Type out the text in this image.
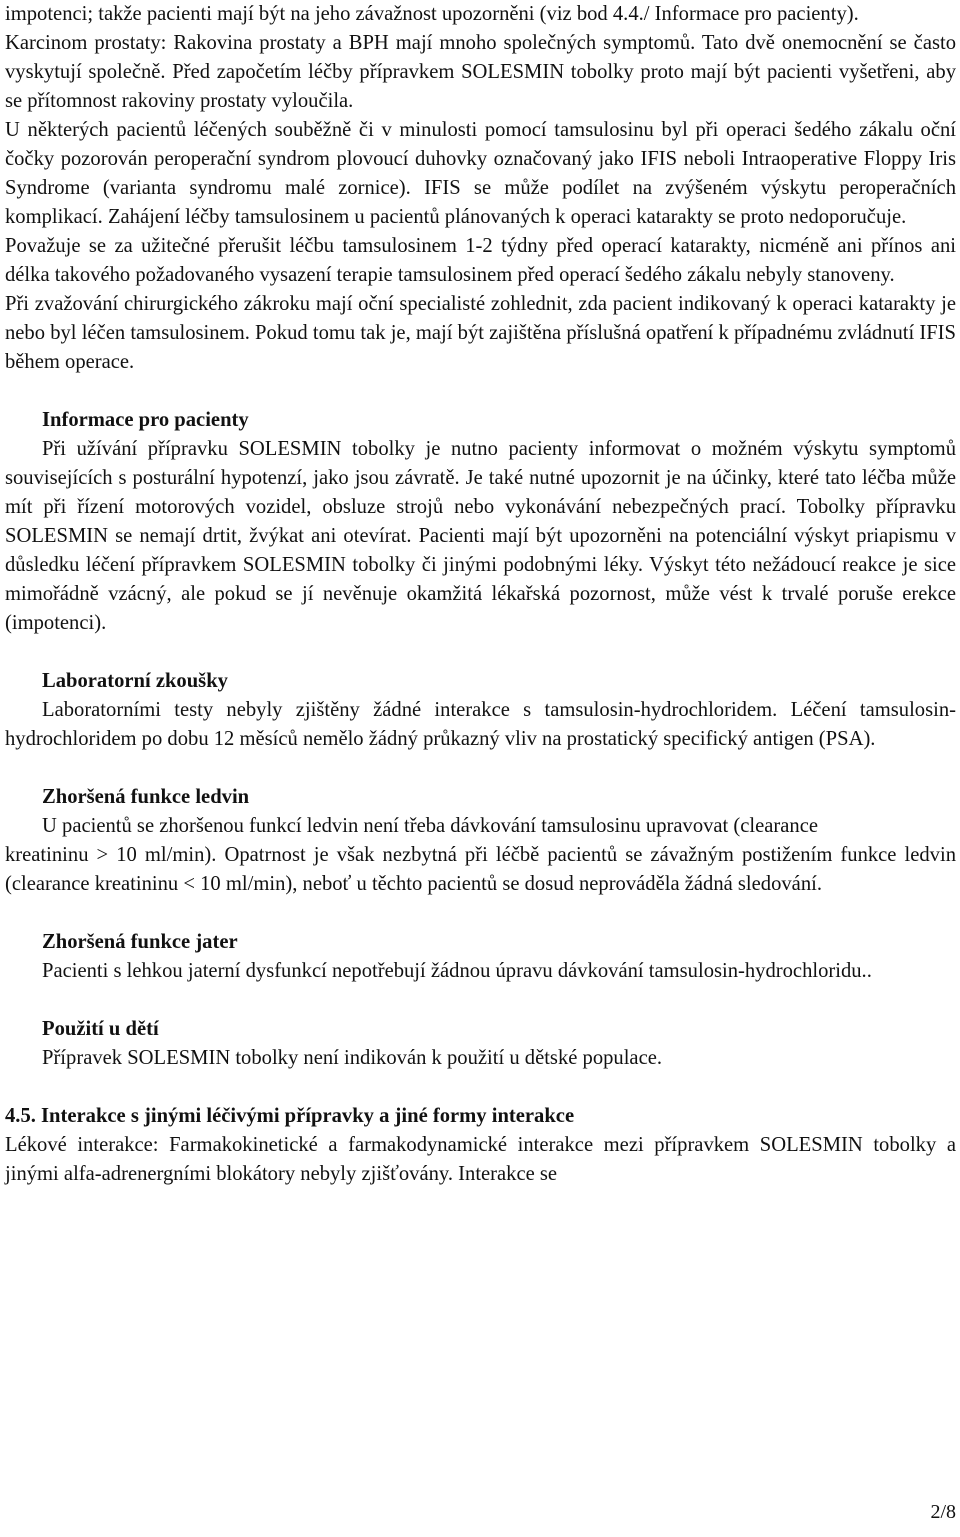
impotenci; takže pacienti mají být na jeho závažnost upozorněni (viz bod 4.4./ Informace pro pacienty).

Karcinom prostaty: Rakovina prostaty a BPH mají mnoho společných symptomů. Tato dvě onemocnění se často vyskytují společně. Před započetím léčby přípravkem SOLESMIN tobolky proto mají být pacienti vyšetřeni, aby se přítomnost rakoviny prostaty vyloučila.

U některých pacientů léčených souběžně či v minulosti pomocí tamsulosinu byl při operaci šedého zákalu oční čočky pozorován peroperační syndrom plovoucí duhovky označovaný jako IFIS neboli Intraoperative Floppy Iris Syndrome (varianta syndromu malé zornice). IFIS se může podílet na zvýšeném výskytu peroperačních komplikací. Zahájení léčby tamsulosinem u pacientů plánovaných k operaci katarakty se proto nedoporučuje.

Považuje se za užitečné přerušit léčbu tamsulosinem 1-2 týdny před operací katarakty, nicméně ani přínos ani délka takového požadovaného vysazení terapie tamsulosinem před operací šedého zákalu nebyly stanoveny.

Při zvažování chirurgického zákroku mají oční specialisté zohlednit, zda pacient indikovaný k operaci katarakty je nebo byl léčen tamsulosinem. Pokud tomu tak je, mají být zajištěna příslušná opatření k případnému zvládnutí IFIS během operace.

Informace pro pacienty

Při užívání přípravku SOLESMIN tobolky je nutno pacienty informovat o možném výskytu symptomů souvisejících s posturální hypotenzí, jako jsou závratě. Je také nutné upozornit je na účinky, které tato léčba může mít při řízení motorových vozidel, obsluze strojů nebo vykonávání nebezpečných prací. Tobolky přípravku SOLESMIN se nemají drtit, žvýkat ani otevírat. Pacienti mají být upozorněni na potenciální výskyt priapismu v důsledku léčení přípravkem SOLESMIN tobolky či jinými podobnými léky. Výskyt této nežádoucí reakce je sice mimořádně vzácný, ale pokud se jí nevěnuje okamžitá lékařská pozornost, může vést k trvalé poruše erekce (impotenci).

Laboratorní zkoušky

Laboratorními testy nebyly zjištěny žádné interakce s tamsulosin-hydrochloridem. Léčení tamsulosin-hydrochloridem po dobu 12 měsíců nemělo žádný průkazný vliv na prostatický specifický antigen (PSA).

Zhoršená funkce ledvin

U pacientů se zhoršenou funkcí ledvin není třeba dávkování tamsulosinu upravovat (clearance

kreatininu > 10 ml/min). Opatrnost je však nezbytná při léčbě pacientů se závažným postižením funkce ledvin (clearance kreatininu < 10 ml/min), neboť u těchto pacientů se dosud neprováděla žádná sledování.

Zhoršená funkce jater

Pacienti s lehkou jaterní dysfunkcí nepotřebují žádnou úpravu dávkování tamsulosin-hydrochloridu..

Použití u dětí

Přípravek SOLESMIN tobolky není indikován k použití u dětské populace.

4.5. Interakce s jinými léčivými přípravky a jiné formy interakce

Lékové interakce: Farmakokinetické a farmakodynamické interakce mezi přípravkem SOLESMIN tobolky a jinými alfa-adrenergními blokátory nebyly zjišťovány. Interakce se

2/8
